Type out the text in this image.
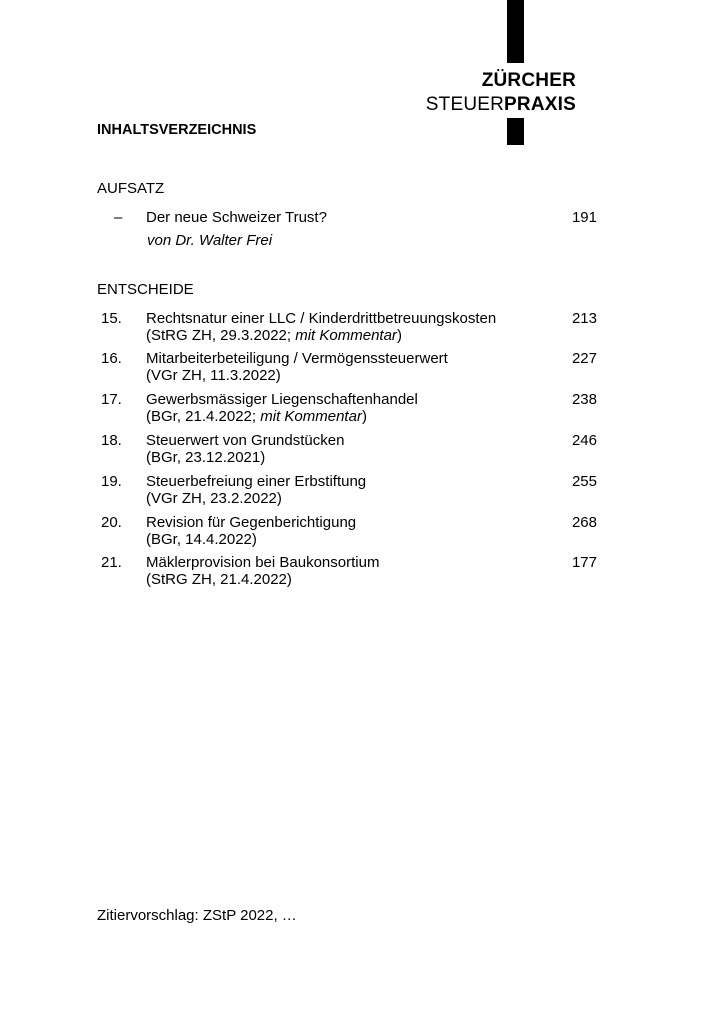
ZÜRCHER
STEUERPRAXIS
INHALTSVERZEICHNIS
AUFSATZ
– Der neue Schweizer Trust?
von Dr. Walter Frei
191
ENTSCHEIDE
15. Rechtsnatur einer LLC / Kinderdrittbetreuungskosten
(StRG ZH, 29.3.2022; mit Kommentar)
213
16. Mitarbeiterbeteiligung / Vermögenssteuerwert
(VGr ZH, 11.3.2022)
227
17. Gewerbsmässiger Liegenschaftenhandel
(BGr, 21.4.2022; mit Kommentar)
238
18. Steuerwert von Grundstücken
(BGr, 23.12.2021)
246
19. Steuerbefreiung einer Erbstiftung
(VGr ZH, 23.2.2022)
255
20. Revision für Gegenberichtigung
(BGr, 14.4.2022)
268
21. Mäklerprovision bei Baukonsortium
(StRG ZH, 21.4.2022)
177
Zitiervorschlag: ZStP 2022, …
